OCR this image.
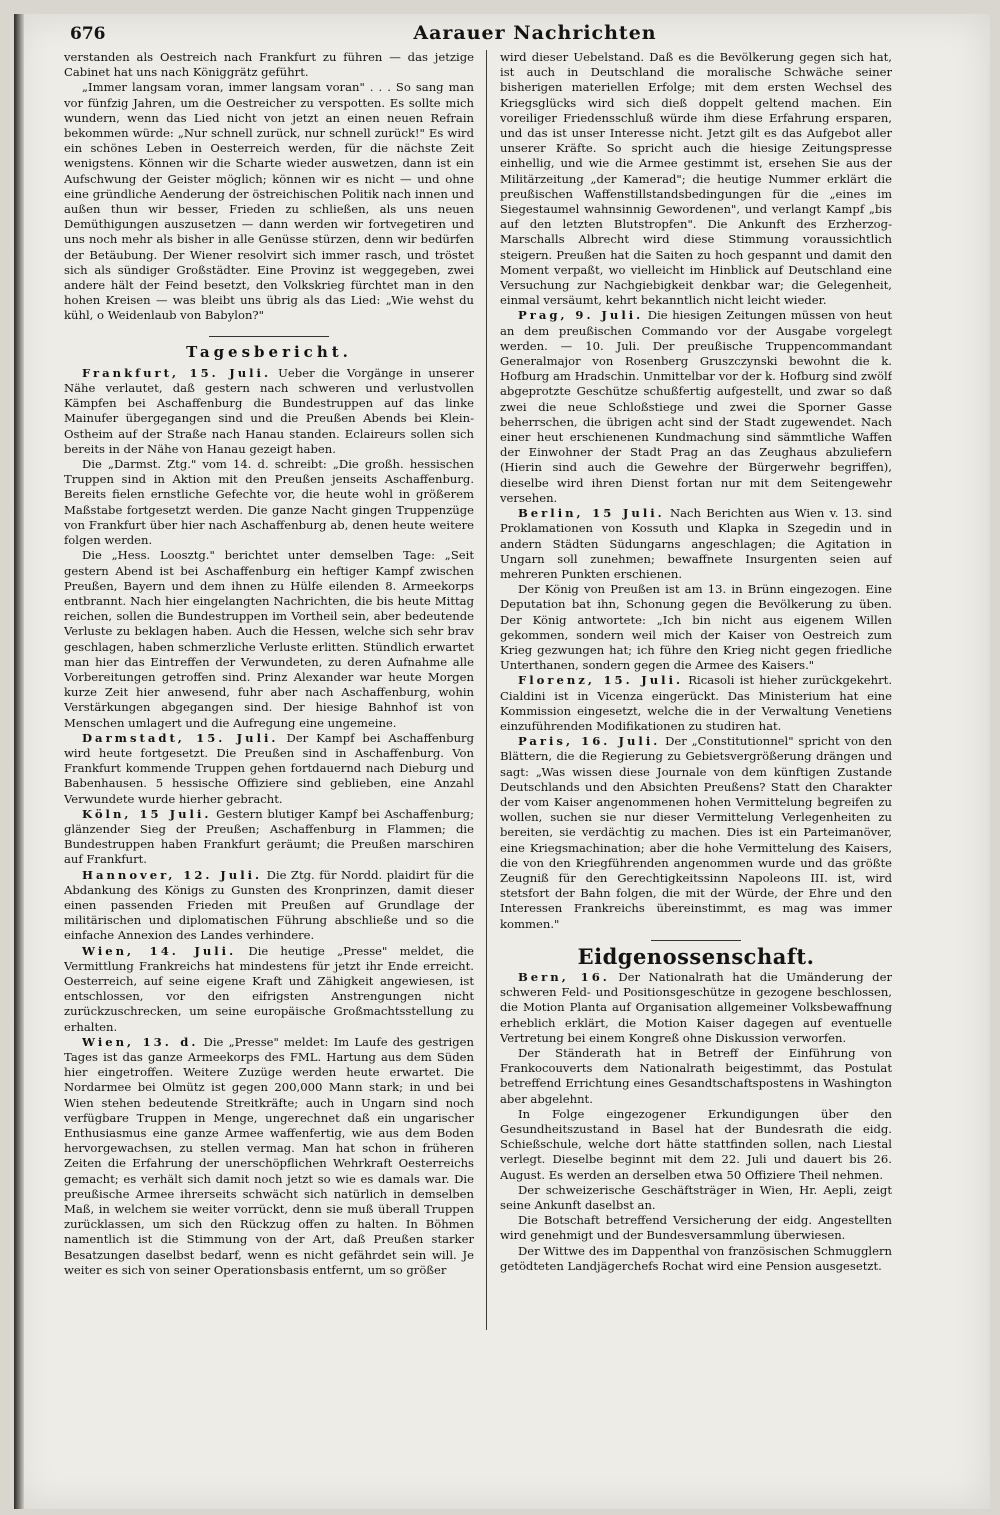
676	Aarauer Nachrichten

verstanden als Oestreich nach Frankfurt zu führen — das jetzige Cabinet hat uns nach Königgrätz geführt.

„Immer langsam voran, immer langsam voran" . . . So sang man vor fünfzig Jahren, um die Oestreicher zu verspotten. Es sollte mich wundern, wenn das Lied nicht von jetzt an einen neuen Refrain bekommen würde: „Nur schnell zurück, nur schnell zurück!" Es wird ein schönes Leben in Oesterreich werden, für die nächste Zeit wenigstens. Können wir die Scharte wieder auswetzen, dann ist ein Aufschwung der Geister möglich; können wir es nicht — und ohne eine gründliche Aenderung der östreichischen Politik nach innen und außen thun wir besser, Frieden zu schließen, als uns neuen Demüthigungen auszusetzen — dann werden wir fortvegetiren und uns noch mehr als bisher in alle Genüsse stürzen, denn wir bedürfen der Betäubung. Der Wiener resolvirt sich immer rasch, und tröstet sich als sündiger Großstädter. Eine Provinz ist weggegeben, zwei andere hält der Feind besetzt, den Volkskrieg fürchtet man in den hohen Kreisen — was bleibt uns übrig als das Lied: „Wie wehst du kühl, o Weidenlaub von Babylon?"

Tagesbericht.

Frankfurt, 15. Juli. Ueber die Vorgänge in unserer Nähe verlautet, daß gestern nach schweren und verlustvollen Kämpfen bei Aschaffenburg die Bundestruppen auf das linke Mainufer übergegangen sind und die Preußen Abends bei Klein-Ostheim auf der Straße nach Hanau standen. Eclaireurs sollen sich bereits in der Nähe von Hanau gezeigt haben.

Die „Darmst. Ztg." vom 14. d. schreibt: „Die großh. hessischen Truppen sind in Aktion mit den Preußen jenseits Aschaffenburg. Bereits fielen ernstliche Gefechte vor, die heute wohl in größerem Maßstabe fortgesetzt werden. Die ganze Nacht gingen Truppenzüge von Frankfurt über hier nach Aschaffenburg ab, denen heute weitere folgen werden.

Die „Hess. Loosztg." berichtet unter demselben Tage: „Seit gestern Abend ist bei Aschaffenburg ein heftiger Kampf zwischen Preußen, Bayern und dem ihnen zu Hülfe eilenden 8. Armeekorps entbrannt. Nach hier eingelangten Nachrichten, die bis heute Mittag reichen, sollen die Bundestruppen im Vortheil sein, aber bedeutende Verluste zu beklagen haben. Auch die Hessen, welche sich sehr brav geschlagen, haben schmerzliche Verluste erlitten. Stündlich erwartet man hier das Eintreffen der Verwundeten, zu deren Aufnahme alle Vorbereitungen getroffen sind. Prinz Alexander war heute Morgen kurze Zeit hier anwesend, fuhr aber nach Aschaffenburg, wohin Verstärkungen abgegangen sind. Der hiesige Bahnhof ist von Menschen umlagert und die Aufregung eine ungemeine.

Darmstadt, 15. Juli. Der Kampf bei Aschaffenburg wird heute fortgesetzt. Die Preußen sind in Aschaffenburg. Von Frankfurt kommende Truppen gehen fortdauernd nach Dieburg und Babenhausen. 5 hessische Offiziere sind geblieben, eine Anzahl Verwundete wurde hierher gebracht.

Köln, 15 Juli. Gestern blutiger Kampf bei Aschaffenburg; glänzender Sieg der Preußen; Aschaffenburg in Flammen; die Bundestruppen haben Frankfurt geräumt; die Preußen marschiren auf Frankfurt.

Hannover, 12. Juli. Die Ztg. für Nordd. plaidirt für die Abdankung des Königs zu Gunsten des Kronprinzen, damit dieser einen passenden Frieden mit Preußen auf Grundlage der militärischen und diplomatischen Führung abschließe und so die einfache Annexion des Landes verhindere.

Wien, 14. Juli. Die heutige „Presse" meldet, die Vermittlung Frankreichs hat mindestens für jetzt ihr Ende erreicht. Oesterreich, auf seine eigene Kraft und Zähigkeit angewiesen, ist entschlossen, vor den eifrigsten Anstrengungen nicht zurückzuschrecken, um seine europäische Großmachtsstellung zu erhalten.

Wien, 13. d. Die „Presse" meldet: Im Laufe des gestrigen Tages ist das ganze Armeekorps des FML. Hartung aus dem Süden hier eingetroffen. Weitere Zuzüge werden heute erwartet. Die Nordarmee bei Olmütz ist gegen 200,000 Mann stark; in und bei Wien stehen bedeutende Streitkräfte; auch in Ungarn sind noch verfügbare Truppen in Menge, ungerechnet daß ein ungarischer Enthusiasmus eine ganze Armee waffenfertig, wie aus dem Boden hervorgewachsen, zu stellen vermag. Man hat schon in früheren Zeiten die Erfahrung der unerschöpflichen Wehrkraft Oesterreichs gemacht; es verhält sich damit noch jetzt so wie es damals war. Die preußische Armee ihrerseits schwächt sich natürlich in demselben Maß, in welchem sie weiter vorrückt, denn sie muß überall Truppen zurücklassen, um sich den Rückzug offen zu halten. In Böhmen namentlich ist die Stimmung von der Art, daß Preußen starker Besatzungen daselbst bedarf, wenn es nicht gefährdet sein will. Je weiter es sich von seiner Operationsbasis entfernt, um so größer

wird dieser Uebelstand. Daß es die Bevölkerung gegen sich hat, ist auch in Deutschland die moralische Schwäche seiner bisherigen materiellen Erfolge; mit dem ersten Wechsel des Kriegsglücks wird sich dieß doppelt geltend machen. Ein voreiliger Friedensschluß würde ihm diese Erfahrung ersparen, und das ist unser Interesse nicht. Jetzt gilt es das Aufgebot aller unserer Kräfte. So spricht auch die hiesige Zeitungspresse einhellig, und wie die Armee gestimmt ist, ersehen Sie aus der Militärzeitung „der Kamerad"; die heutige Nummer erklärt die preußischen Waffenstillstandsbedingungen für die „eines im Siegestaumel wahnsinnig Gewordenen", und verlangt Kampf „bis auf den letzten Blutstropfen". Die Ankunft des Erzherzog-Marschalls Albrecht wird diese Stimmung voraussichtlich steigern. Preußen hat die Saiten zu hoch gespannt und damit den Moment verpaßt, wo vielleicht im Hinblick auf Deutschland eine Versuchung zur Nachgiebigkeit denkbar war; die Gelegenheit, einmal versäumt, kehrt bekanntlich nicht leicht wieder.

Prag, 9. Juli. Die hiesigen Zeitungen müssen von heut an dem preußischen Commando vor der Ausgabe vorgelegt werden. — 10. Juli. Der preußische Truppencommandant Generalmajor von Rosenberg Gruszczynski bewohnt die k. Hofburg am Hradschin. Unmittelbar vor der k. Hofburg sind zwölf abgeprotzte Geschütze schußfertig aufgestellt, und zwar so daß zwei die neue Schloßstiege und zwei die Sporner Gasse beherrschen, die übrigen acht sind der Stadt zugewendet. Nach einer heut erschienenen Kundmachung sind sämmtliche Waffen der Einwohner der Stadt Prag an das Zeughaus abzuliefern (Hierin sind auch die Gewehre der Bürgerwehr begriffen), dieselbe wird ihren Dienst fortan nur mit dem Seitengewehr versehen.

Berlin, 15 Juli. Nach Berichten aus Wien v. 13. sind Proklamationen von Kossuth und Klapka in Szegedin und in andern Städten Südungarns angeschlagen; die Agitation in Ungarn soll zunehmen; bewaffnete Insurgenten seien auf mehreren Punkten erschienen.

Der König von Preußen ist am 13. in Brünn eingezogen. Eine Deputation bat ihn, Schonung gegen die Bevölkerung zu üben. Der König antwortete: „Ich bin nicht aus eigenem Willen gekommen, sondern weil mich der Kaiser von Oestreich zum Krieg gezwungen hat; ich führe den Krieg nicht gegen friedliche Unterthanen, sondern gegen die Armee des Kaisers."

Florenz, 15. Juli. Ricasoli ist hieher zurückgekehrt. Cialdini ist in Vicenza eingerückt. Das Ministerium hat eine Kommission eingesetzt, welche die in der Verwaltung Venetiens einzuführenden Modifikationen zu studiren hat.

Paris, 16. Juli. Der „Constitutionnel" spricht von den Blättern, die die Regierung zu Gebietsvergrößerung drängen und sagt: „Was wissen diese Journale von dem künftigen Zustande Deutschlands und den Absichten Preußens? Statt den Charakter der vom Kaiser angenommenen hohen Vermittelung begreifen zu wollen, suchen sie nur dieser Vermittelung Verlegenheiten zu bereiten, sie verdächtig zu machen. Dies ist ein Parteimanöver, eine Kriegsmachination; aber die hohe Vermittelung des Kaisers, die von den Kriegführenden angenommen wurde und das größte Zeugniß für den Gerechtigkeitssinn Napoleons III. ist, wird stetsfort der Bahn folgen, die mit der Würde, der Ehre und den Interessen Frankreichs übereinstimmt, es mag was immer kommen."

Eidgenossenschaft.

Bern, 16. Der Nationalrath hat die Umänderung der schweren Feld- und Positionsgeschütze in gezogene beschlossen, die Motion Planta auf Organisation allgemeiner Volksbewaffnung erheblich erklärt, die Motion Kaiser dagegen auf eventuelle Vertretung bei einem Kongreß ohne Diskussion verworfen.

Der Ständerath hat in Betreff der Einführung von Frankocouverts dem Nationalrath beigestimmt, das Postulat betreffend Errichtung eines Gesandtschaftspostens in Washington aber abgelehnt.

In Folge eingezogener Erkundigungen über den Gesundheitszustand in Basel hat der Bundesrath die eidg. Schießschule, welche dort hätte stattfinden sollen, nach Liestal verlegt. Dieselbe beginnt mit dem 22. Juli und dauert bis 26. August. Es werden an derselben etwa 50 Offiziere Theil nehmen.

Der schweizerische Geschäftsträger in Wien, Hr. Aepli, zeigt seine Ankunft daselbst an.

Die Botschaft betreffend Versicherung der eidg. Angestellten wird genehmigt und der Bundesversammlung überwiesen.

Der Wittwe des im Dappenthal von französischen Schmugglern getödteten Landjägerchefs Rochat wird eine Pension ausgesetzt.
